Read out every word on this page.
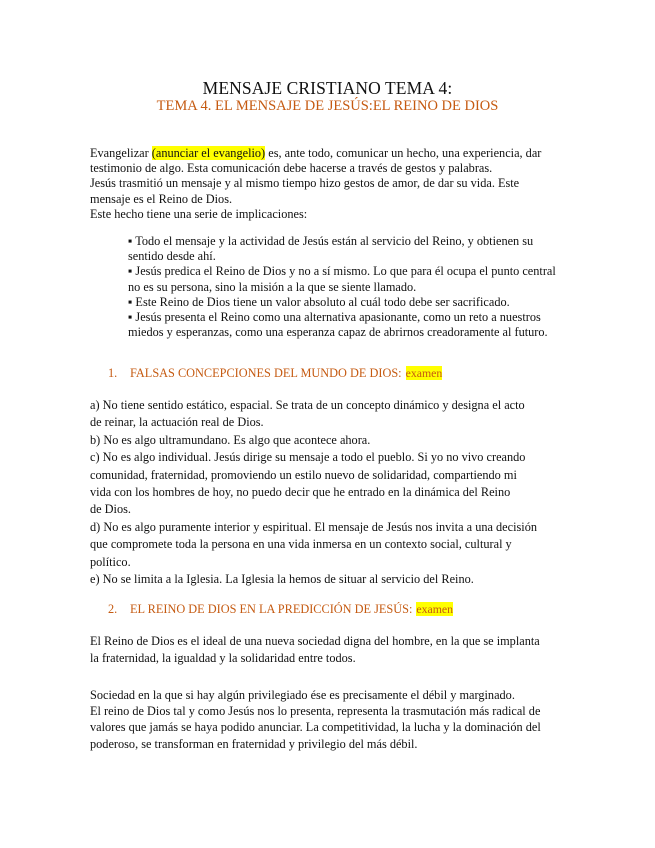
MENSAJE CRISTIANO TEMA 4:
TEMA 4. EL MENSAJE DE JESÚS:EL REINO DE DIOS

Evangelizar (anunciar el evangelio) es, ante todo, comunicar un hecho, una experiencia, dar

testimonio de algo. Esta comunicación debe hacerse a través de gestos y palabras.

Jesús trasmitió un mensaje y al mismo tiempo hizo gestos de amor, de dar su vida. Este

mensaje es el Reino de Dios.

Este hecho tiene una serie de implicaciones:

▪ Todo el mensaje y la actividad de Jesús están al servicio del Reino, y obtienen su sentido desde ahí.

▪ Jesús predica el Reino de Dios y no a sí mismo. Lo que para él ocupa el punto central no es su persona, sino la misión a la que se siente llamado.

▪ Este Reino de Dios tiene un valor absoluto al cuál todo debe ser sacrificado.

▪ Jesús presenta el Reino como una alternativa apasionante, como un reto a nuestros miedos y esperanzas, como una esperanza capaz de abrirnos creadoramente al futuro.

1. FALSAS CONCEPCIONES DEL MUNDO DE DIOS: examen
a) No tiene sentido estático, espacial. Se trata de un concepto dinámico y designa el acto
de reinar, la actuación real de Dios.
b) No es algo ultramundano. Es algo que acontece ahora.
c) No es algo individual. Jesús dirige su mensaje a todo el pueblo. Si yo no vivo creando
comunidad, fraternidad, promoviendo un estilo nuevo de solidaridad, compartiendo mi
vida con los hombres de hoy, no puedo decir que he entrado en la dinámica del Reino
de Dios.
d) No es algo puramente interior y espiritual. El mensaje de Jesús nos invita a una decisión
que compromete toda la persona en una vida inmersa en un contexto social, cultural y
político.
e) No se limita a la Iglesia. La Iglesia la hemos de situar al servicio del Reino.
2. EL REINO DE DIOS EN LA PREDICCIÓN DE JESÚS: examen
El Reino de Dios es el ideal de una nueva sociedad digna del hombre, en la que se implanta
la fraternidad, la igualdad y la solidaridad entre todos.
Sociedad en la que si hay algún privilegiado ése es precisamente el débil y marginado.
El reino de Dios tal y como Jesús nos lo presenta, representa la trasmutación más radical de
valores que jamás se haya podido anunciar. La competitividad, la lucha y la dominación del
poderoso, se transforman en fraternidad y privilegio del más débil.
